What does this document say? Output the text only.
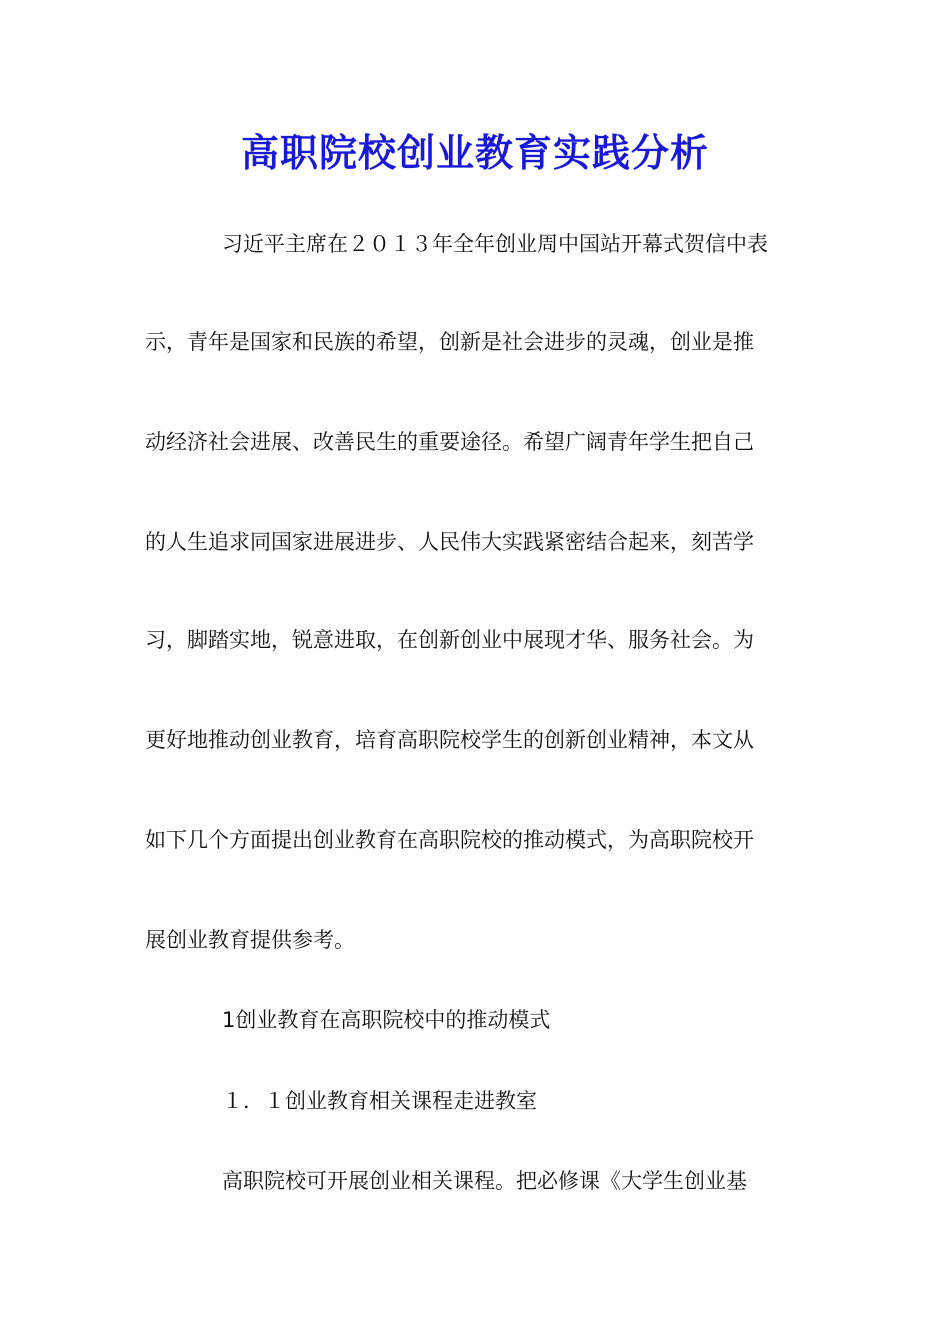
高职院校创业教育实践分析
习近平主席在２０１３年全年创业周中国站开幕式贺信中表
示，青年是国家和民族的希望，创新是社会进步的灵魂，创业是推
动经济社会进展、改善民生的重要途径。希望广阔青年学生把自己
的人生追求同国家进展进步、人民伟大实践紧密结合起来，刻苦学
习，脚踏实地，锐意进取，在创新创业中展现才华、服务社会。为
更好地推动创业教育，培育高职院校学生的创新创业精神，本文从
如下几个方面提出创业教育在高职院校的推动模式，为高职院校开
展创业教育提供参考。
1创业教育在高职院校中的推动模式
１．１创业教育相关课程走进教室
高职院校可开展创业相关课程。把必修课《大学生创业基
